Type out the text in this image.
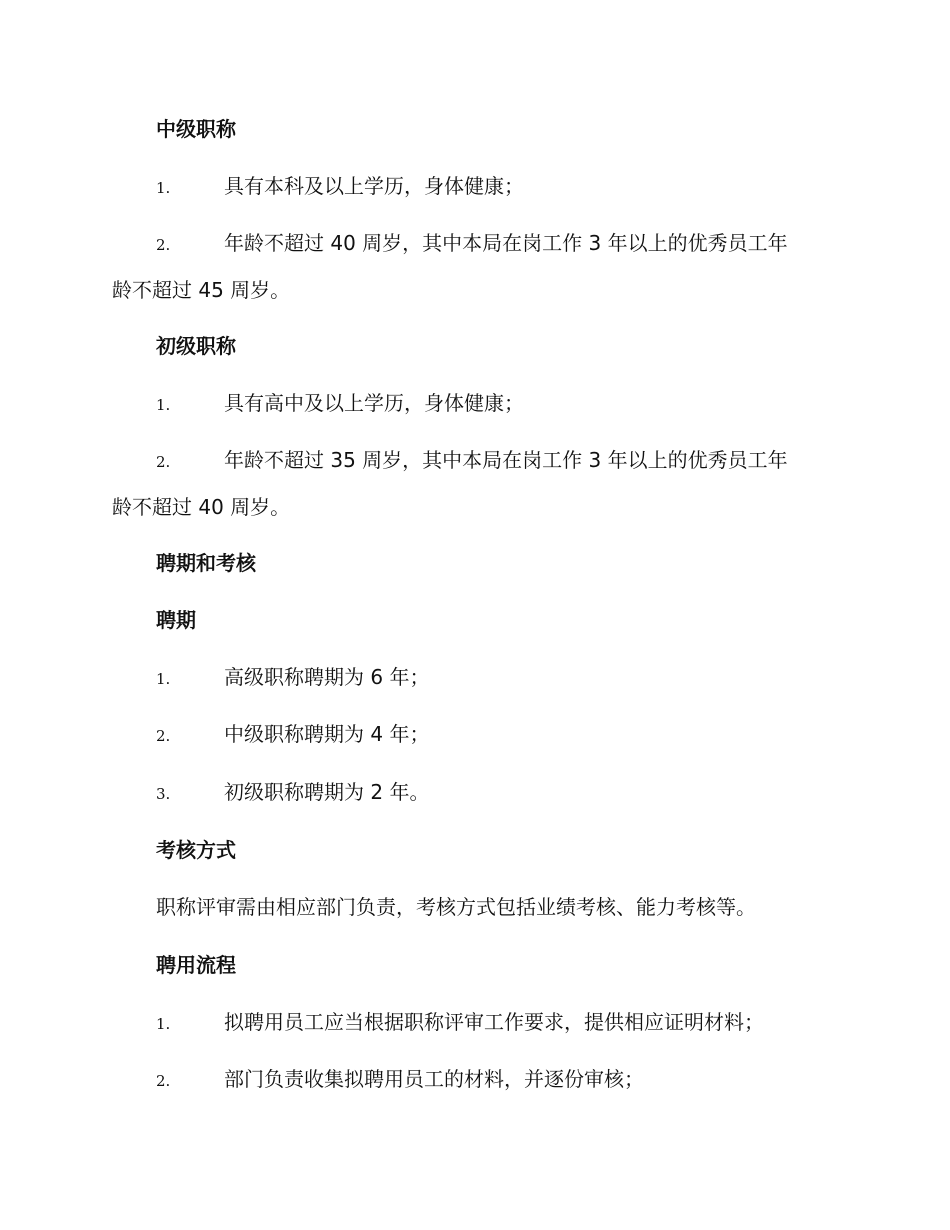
中级职称
1.	具有本科及以上学历，身体健康；
2.	年龄不超过 40 周岁，其中本局在岗工作 3 年以上的优秀员工年
龄不超过 45 周岁。
初级职称
1.	具有高中及以上学历，身体健康；
2.	年龄不超过 35 周岁，其中本局在岗工作 3 年以上的优秀员工年
龄不超过 40 周岁。
聘期和考核
聘期
1.	高级职称聘期为 6 年；
2.	中级职称聘期为 4 年；
3.	初级职称聘期为 2 年。
考核方式
职称评审需由相应部门负责，考核方式包括业绩考核、能力考核等。
聘用流程
1.	拟聘用员工应当根据职称评审工作要求，提供相应证明材料；
2.	部门负责收集拟聘用员工的材料，并逐份审核；
